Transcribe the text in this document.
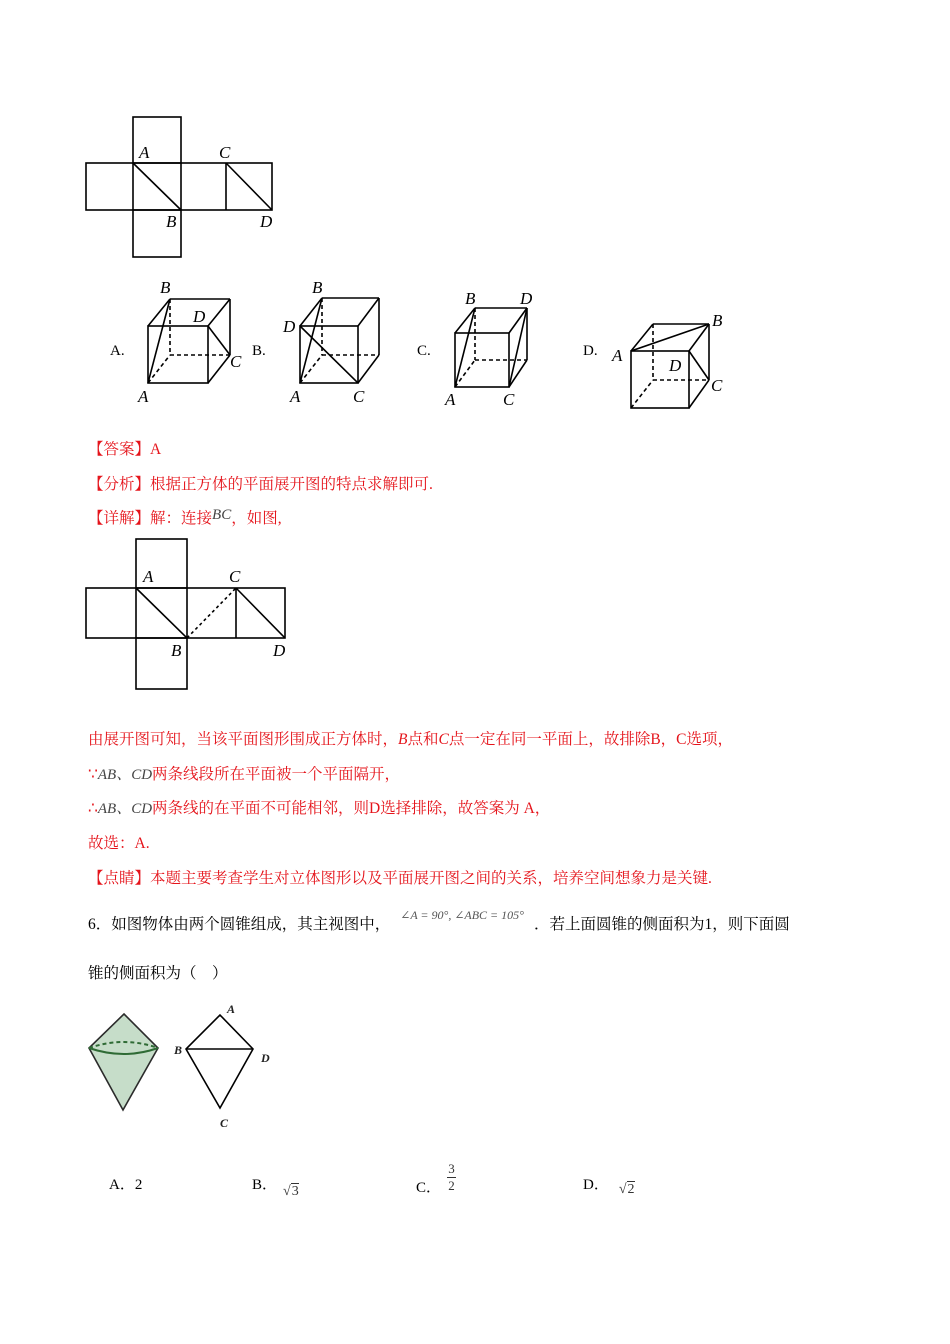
A	C
B	D
B
D
C
A
B
D
A	C
B	D
A	C
B
A
D
C
A	C
B	D
A
B
D
C
A.	B.	C.	D.
【答案】A
【分析】根据正方体的平面展开图的特点求解即可.
【详解】解：连接BC，如图,
由展开图可知，当该平面图形围成正方体时，B点和C点一定在同一平面上，故排除B，C选项，
∵AB、CD两条线段所在平面被一个平面隔开，
∴AB、CD两条线的在平面不可能相邻，则D选择排除，故答案为 A，
故选：A.
【点睛】本题主要考查学生对立体图形以及平面展开图之间的关系，培养空间想象力是关键.
6．如图物体由两个圆锥组成，其主视图中，$^{\angle A = 90^\circ, \angle ABC = 105^\circ}$．若上面圆锥的侧面积为1，则下面圆
锥的侧面积为（　）
A．2	B． √3	C． $\frac{3}{2}$	D． √2
